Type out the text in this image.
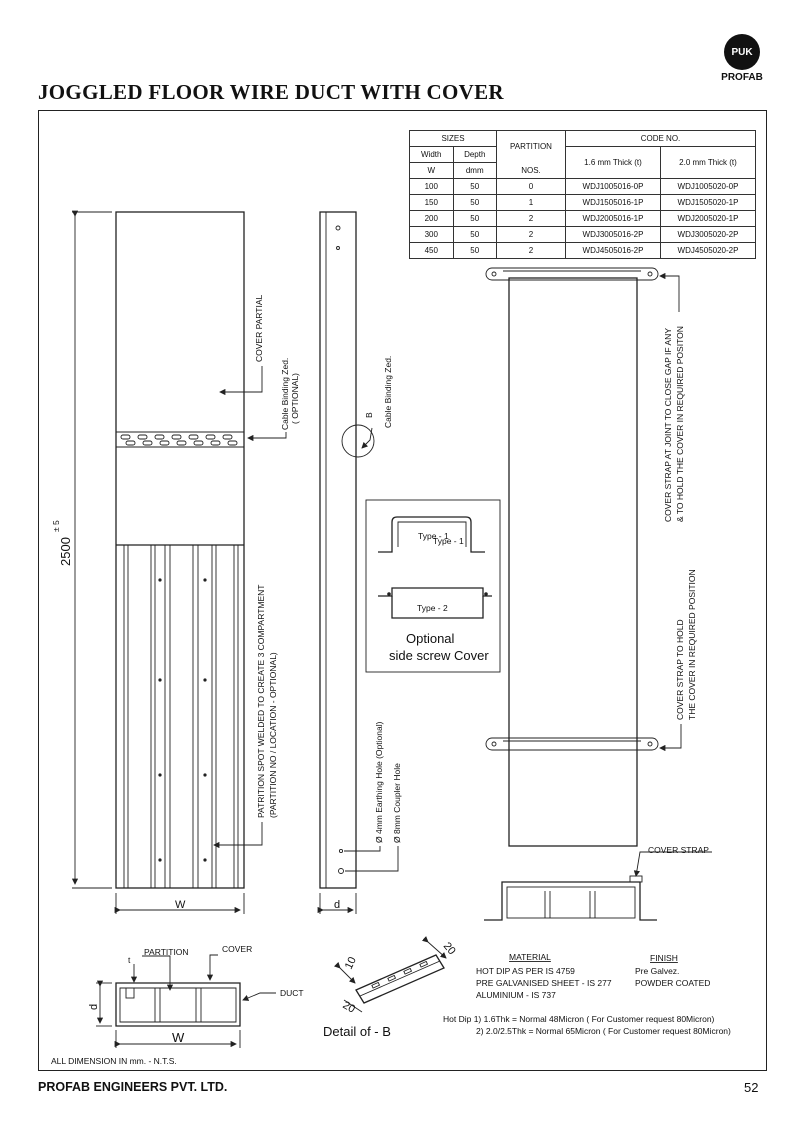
PUK
PROFAB
JOGGLED FLOOR WIRE DUCT WITH COVER
SIZES		PARTITION	CODE NO.	
Width	Depth		1.6 mm Thick (t)	2.0 mm Thick (t)
W	dmm	NOS.		
100	50	0	WDJ1005016-0P	WDJ1005020-0P
150	50	1	WDJ1505016-1P	WDJ1505020-1P
200	50	2	WDJ2005016-1P	WDJ2005020-1P
300	50	2	WDJ3005016-2P	WDJ3005020-2P
450	50	2	WDJ4505016-2P	WDJ4505020-2P
2500
± 5
W
COVER PARTIAL
Cable Binding Zed. ( OPTIONAL)
PATRITION SPOT WELDED TO CREATE 3 COMPARTMENT (PARTITION NO / LOCATION - OPTIONAL)
B Cable Binding Zed.
Ø 4mm Earthing Hole (Optional) Ø 8mm Coupler Hole
d
Type - 1
Type - 1
Type - 2
Optional
side screw Cover
COVER STRAP AT JOINT TO CLOSE GAP IF ANY & TO HOLD THE COVER IN REQUIRED POSITON
COVER STRAP TO HOLD THE COVER IN REQUIRED POSITION
COVER STRAP
t
PARTITION	COVER
DUCT
d
W
10
20
20
Detail of - B
MATERIAL
HOT DIP AS PER IS 4759
PRE GALVANISED SHEET - IS 277
ALUMINIUM - IS 737
FINISH
Pre Galvez.
POWDER COATED
Hot Dip 1) 1.6Thk = Normal 48Micron ( For Customer request 80Micron)
2) 2.0/2.5Thk = Normal 65Micron ( For Customer request 80Micron)
ALL DIMENSION IN mm. - N.T.S.
PROFAB ENGINEERS PVT. LTD.	52
